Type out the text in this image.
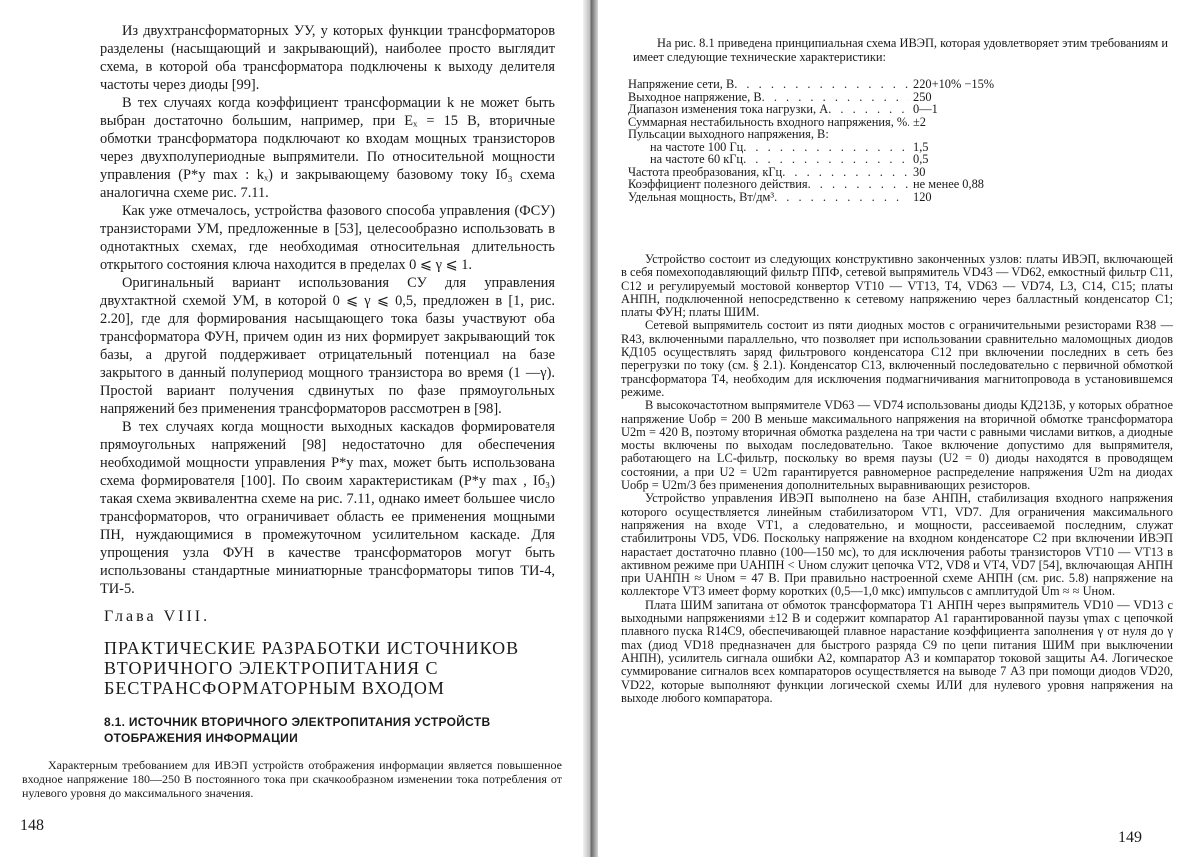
Из двухтрансформаторных УУ, у которых функции трансформаторов разделены (насыщающий и закрывающий), наиболее просто выглядит схема, в которой оба трансформатора подключены к выходу делителя частоты через диоды [99].

В тех случаях когда коэффициент трансформации k не может быть выбран достаточно большим, например, при Eₓ = 15 В, вторичные обмотки трансформатора подключают ко входам мощных транзисторов через двухполупериодные выпрямители. По относительной мощности управления (P*у max : kₓ) и закрывающему базовому току Iб₃ схема аналогична схеме рис. 7.11.

Как уже отмечалось, устройства фазового способа управления (ФСУ) транзисторами УМ, предложенные в [53], целесообразно использовать в однотактных схемах, где необходимая относительная длительность открытого состояния ключа находится в пределах 0 ⩽ γ ⩽ 1.

Оригинальный вариант использования СУ для управления двухтактной схемой УМ, в которой 0 ⩽ γ ⩽ 0,5, предложен в [1, рис. 2.20], где для формирования насыщающего тока базы участвуют оба трансформатора ФУН, причем один из них формирует закрывающий ток базы, а другой поддерживает отрицательный потенциал на базе закрытого в данный полупериод мощного транзистора во время (1 —γ). Простой вариант получения сдвинутых по фазе прямоугольных напряжений без применения трансформаторов рассмотрен в [98].

В тех случаях когда мощности выходных каскадов формирователя прямоугольных напряжений [98] недостаточно для обеспечения необходимой мощности управления P*у max, может быть использована схема формирователя [100]. По своим характеристикам (P*у max , Iб₃) такая схема эквивалентна схеме на рис. 7.11, однако имеет большее число трансформаторов, что ограничивает область ее применения мощными ПН, нуждающимися в промежуточном усилительном каскаде. Для упрощения узла ФУН в качестве трансформаторов могут быть использованы стандартные миниатюрные трансформаторы типов ТИ-4, ТИ-5.

Глава VIII.
ПРАКТИЧЕСКИЕ РАЗРАБОТКИ ИСТОЧНИКОВ ВТОРИЧНОГО ЭЛЕКТРОПИТАНИЯ С БЕСТРАНСФОРМАТОРНЫМ ВХОДОМ
8.1. ИСТОЧНИК ВТОРИЧНОГО ЭЛЕКТРОПИТАНИЯ УСТРОЙСТВ ОТОБРАЖЕНИЯ ИНФОРМАЦИИ

Характерным требованием для ИВЭП устройств отображения информации является повышенное входное напряжение 180—250 В постоянного тока при скачкообразном изменении тока потребления от нулевого уровня до максимального значения.

148

На рис. 8.1 приведена принципиальная схема ИВЭП, которая удовлетворяет этим требованиям и имеет следующие технические характеристики:

Напряжение сети, В . . .	220+10% −15%
Выходное напряжение, В . . .	250
Диапазон изменения тока нагрузки, А . . .	0—1
Суммарная нестабильность входного напряжения, % . . . ±2
Пульсации выходного напряжения, В:
на частоте 100 Гц . . .	1,5
на частоте 60 кГц . . .	0,5
Частота преобразования, кГц . . .	30
Коэффициент полезного действия . . .	не менее 0,88
Удельная мощность, Вт/дм³ . . .	120

Устройство состоит из следующих конструктивно законченных узлов: платы ИВЭП, включающей в себя помехоподавляющий фильтр ППФ, сетевой выпрямитель VD43 — VD62, емкостный фильтр C11, C12 и регулируемый мостовой конвертор VT10 — VT13, T4, VD63 — VD74, L3, C14, C15; платы АНПН, подключенной непосредственно к сетевому напряжению через балластный конденсатор C1; платы ФУН; платы ШИМ.

Сетевой выпрямитель состоит из пяти диодных мостов с ограничительными резисторами R38 — R43, включенными параллельно, что позволяет при использовании сравнительно маломощных диодов КД105 осуществлять заряд фильтрового конденсатора C12 при включении последних в сеть без перегрузки по току (см. § 2.1). Конденсатор C13, включенный последовательно с первичной обмоткой трансформатора T4, необходим для исключения подмагничивания магнитопровода в установившемся режиме.

В высокочастотном выпрямителе VD63 — VD74 использованы диоды КД213Б, у которых обратное напряжение Uобр = 200 В меньше максимального напряжения на вторичной обмотке трансформатора U2m = 420 В, поэтому вторичная обмотка разделена на три части с равными числами витков, а диодные мосты включены по выходам последовательно. Такое включение допустимо для выпрямителя, работающего на LC-фильтр, поскольку во время паузы (U2 = 0) диоды находятся в проводящем состоянии, а при U2 = U2m гарантируется равномерное распределение напряжения U2m на диодах Uобр = U2m/3 без применения дополнительных выравнивающих резисторов.

Устройство управления ИВЭП выполнено на базе АНПН, стабилизация входного напряжения которого осуществляется линейным стабилизатором VT1, VD7. Для ограничения максимального напряжения на входе VT1, а следовательно, и мощности, рассеиваемой последним, служат стабилитроны VD5, VD6. Поскольку напряжение на входном конденсаторе C2 при включении ИВЭП нарастает достаточно плавно (100—150 мс), то для исключения работы транзисторов VT10 — VT13 в активном режиме при UАНПН < Uном служит цепочка VT2, VD8 и VT4, VD7 [54], включающая АНПН при UАНПН ≈ Uном = 47 В. При правильно настроенной схеме АНПН (см. рис. 5.8) напряжение на коллекторе VT3 имеет форму коротких (0,5—1,0 мкс) импульсов с амплитудой Um ≈ ≈ Uном.

Плата ШИМ запитана от обмоток трансформатора T1 АНПН через выпрямитель VD10 — VD13 с выходными напряжениями ±12 В и содержит компаратор A1 гарантированной паузы γmax с цепочкой плавного пуска R14C9, обеспечивающей плавное нарастание коэффициента заполнения γ от нуля до γ max (диод VD18 предназначен для быстрого разряда C9 по цепи питания ШИМ при выключении АНПН), усилитель сигнала ошибки A2, компаратор A3 и компаратор токовой защиты A4. Логическое суммирование сигналов всех компараторов осуществляется на выводе 7 A3 при помощи диодов VD20, VD22, которые выполняют функции логической схемы ИЛИ для нулевого уровня напряжения на выходе любого компаратора.

149
